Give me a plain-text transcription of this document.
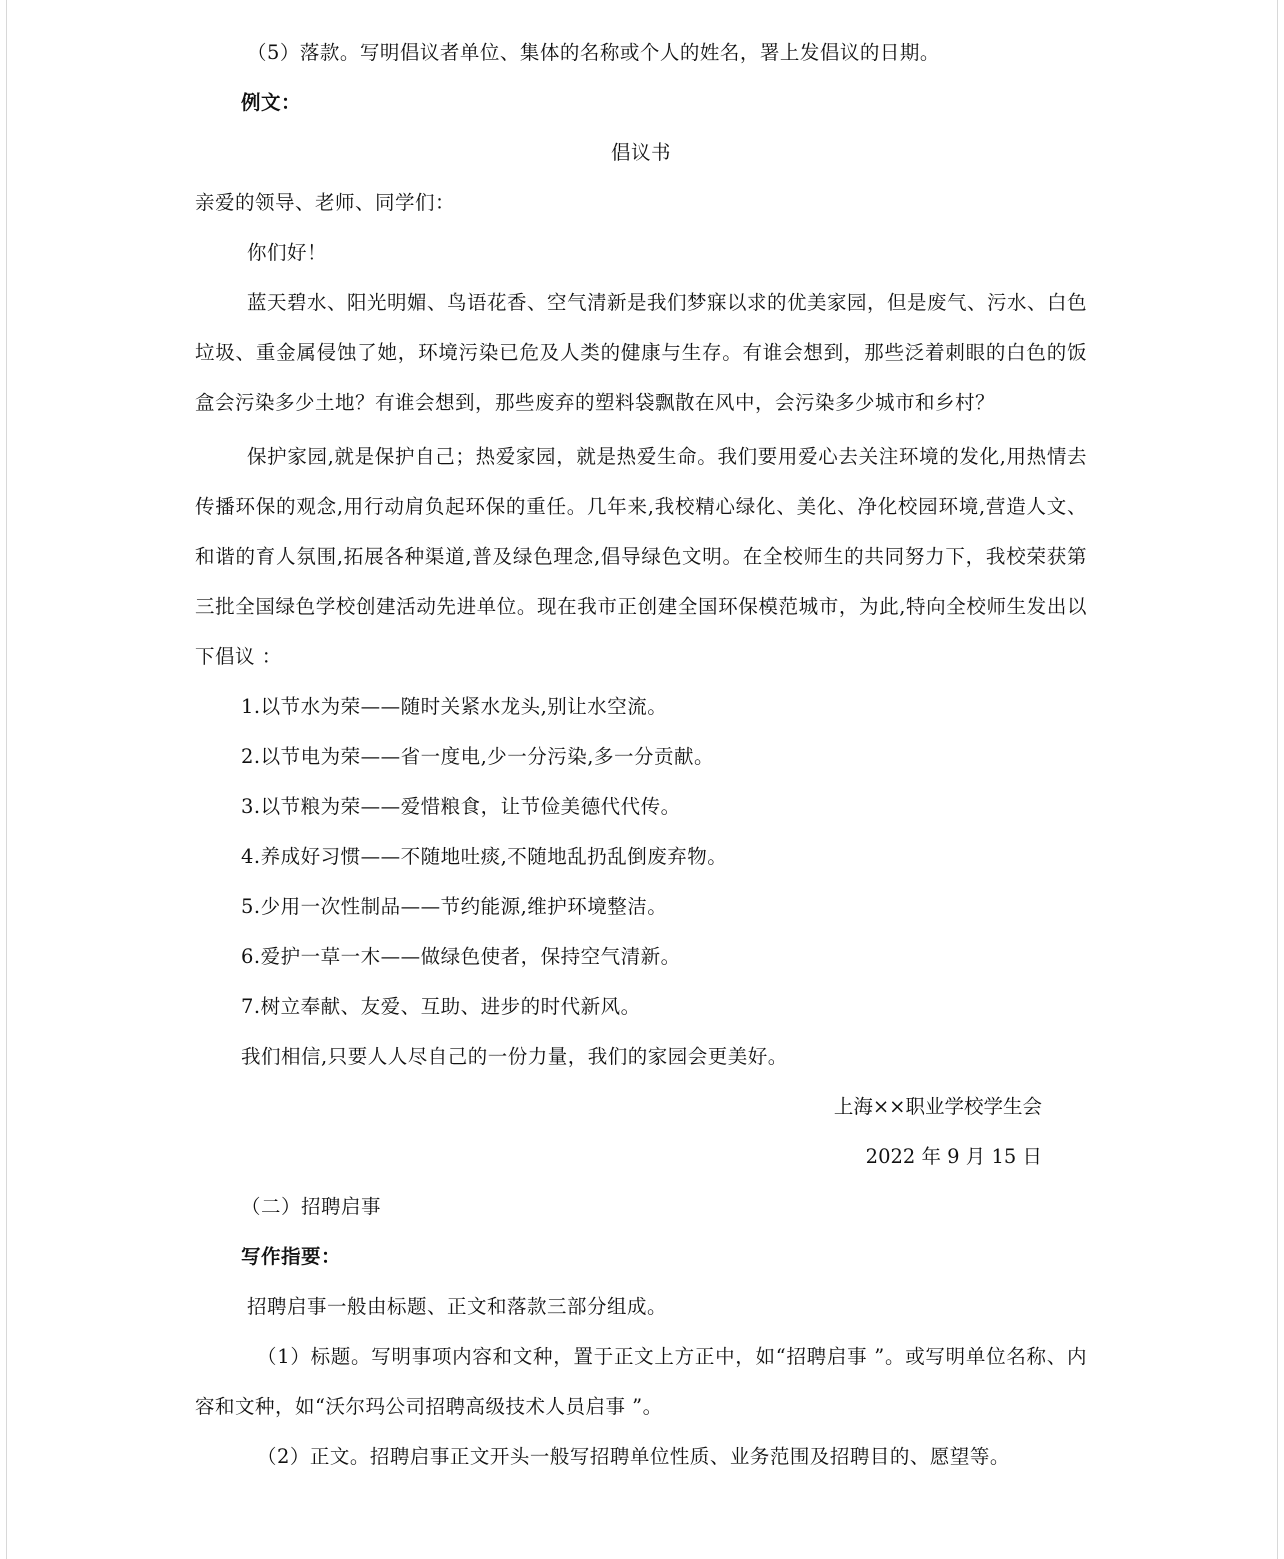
（5）落款。写明倡议者单位、集体的名称或个人的姓名，署上发倡议的日期。
例文：
倡议书
亲爱的领导、老师、同学们：
你们好！
蓝天碧水、阳光明媚、鸟语花香、空气清新是我们梦寐以求的优美家园，但是废气、污水、白色垃圾、重金属侵蚀了她，环境污染已危及人类的健康与生存。有谁会想到，那些泛着刺眼的白色的饭盒会污染多少土地？有谁会想到，那些废弃的塑料袋飘散在风中，会污染多少城市和乡村？
保护家园,就是保护自己；热爱家园，就是热爱生命。我们要用爱心去关注环境的发化,用热情去传播环保的观念,用行动肩负起环保的重任。几年来,我校精心绿化、美化、净化校园环境,营造人文、和谐的育人氛围,拓展各种渠道,普及绿色理念,倡导绿色文明。在全校师生的共同努力下，我校荣获第三批全国绿色学校创建活动先进单位。现在我市正创建全国环保模范城市，为此,特向全校师生发出以下倡议 ：
1.以节水为荣——随时关紧水龙头,别让水空流。
2.以节电为荣——省一度电,少一分污染,多一分贡献。
3.以节粮为荣——爱惜粮食，让节俭美德代代传。
4.养成好习惯——不随地吐痰,不随地乱扔乱倒废弃物。
5.少用一次性制品——节约能源,维护环境整洁。
6.爱护一草一木——做绿色使者，保持空气清新。
7.树立奉献、友爱、互助、进步的时代新风。
我们相信,只要人人尽自己的一份力量，我们的家园会更美好。
上海××职业学校学生会
2022 年 9 月 15 日
（二）招聘启事
写作指要：
招聘启事一般由标题、正文和落款三部分组成。
（1）标题。写明事项内容和文种，置于正文上方正中，如“招聘启事 ”。或写明单位名称、内容和文种，如“沃尔玛公司招聘高级技术人员启事 ”。
（2）正文。招聘启事正文开头一般写招聘单位性质、业务范围及招聘目的、愿望等。
